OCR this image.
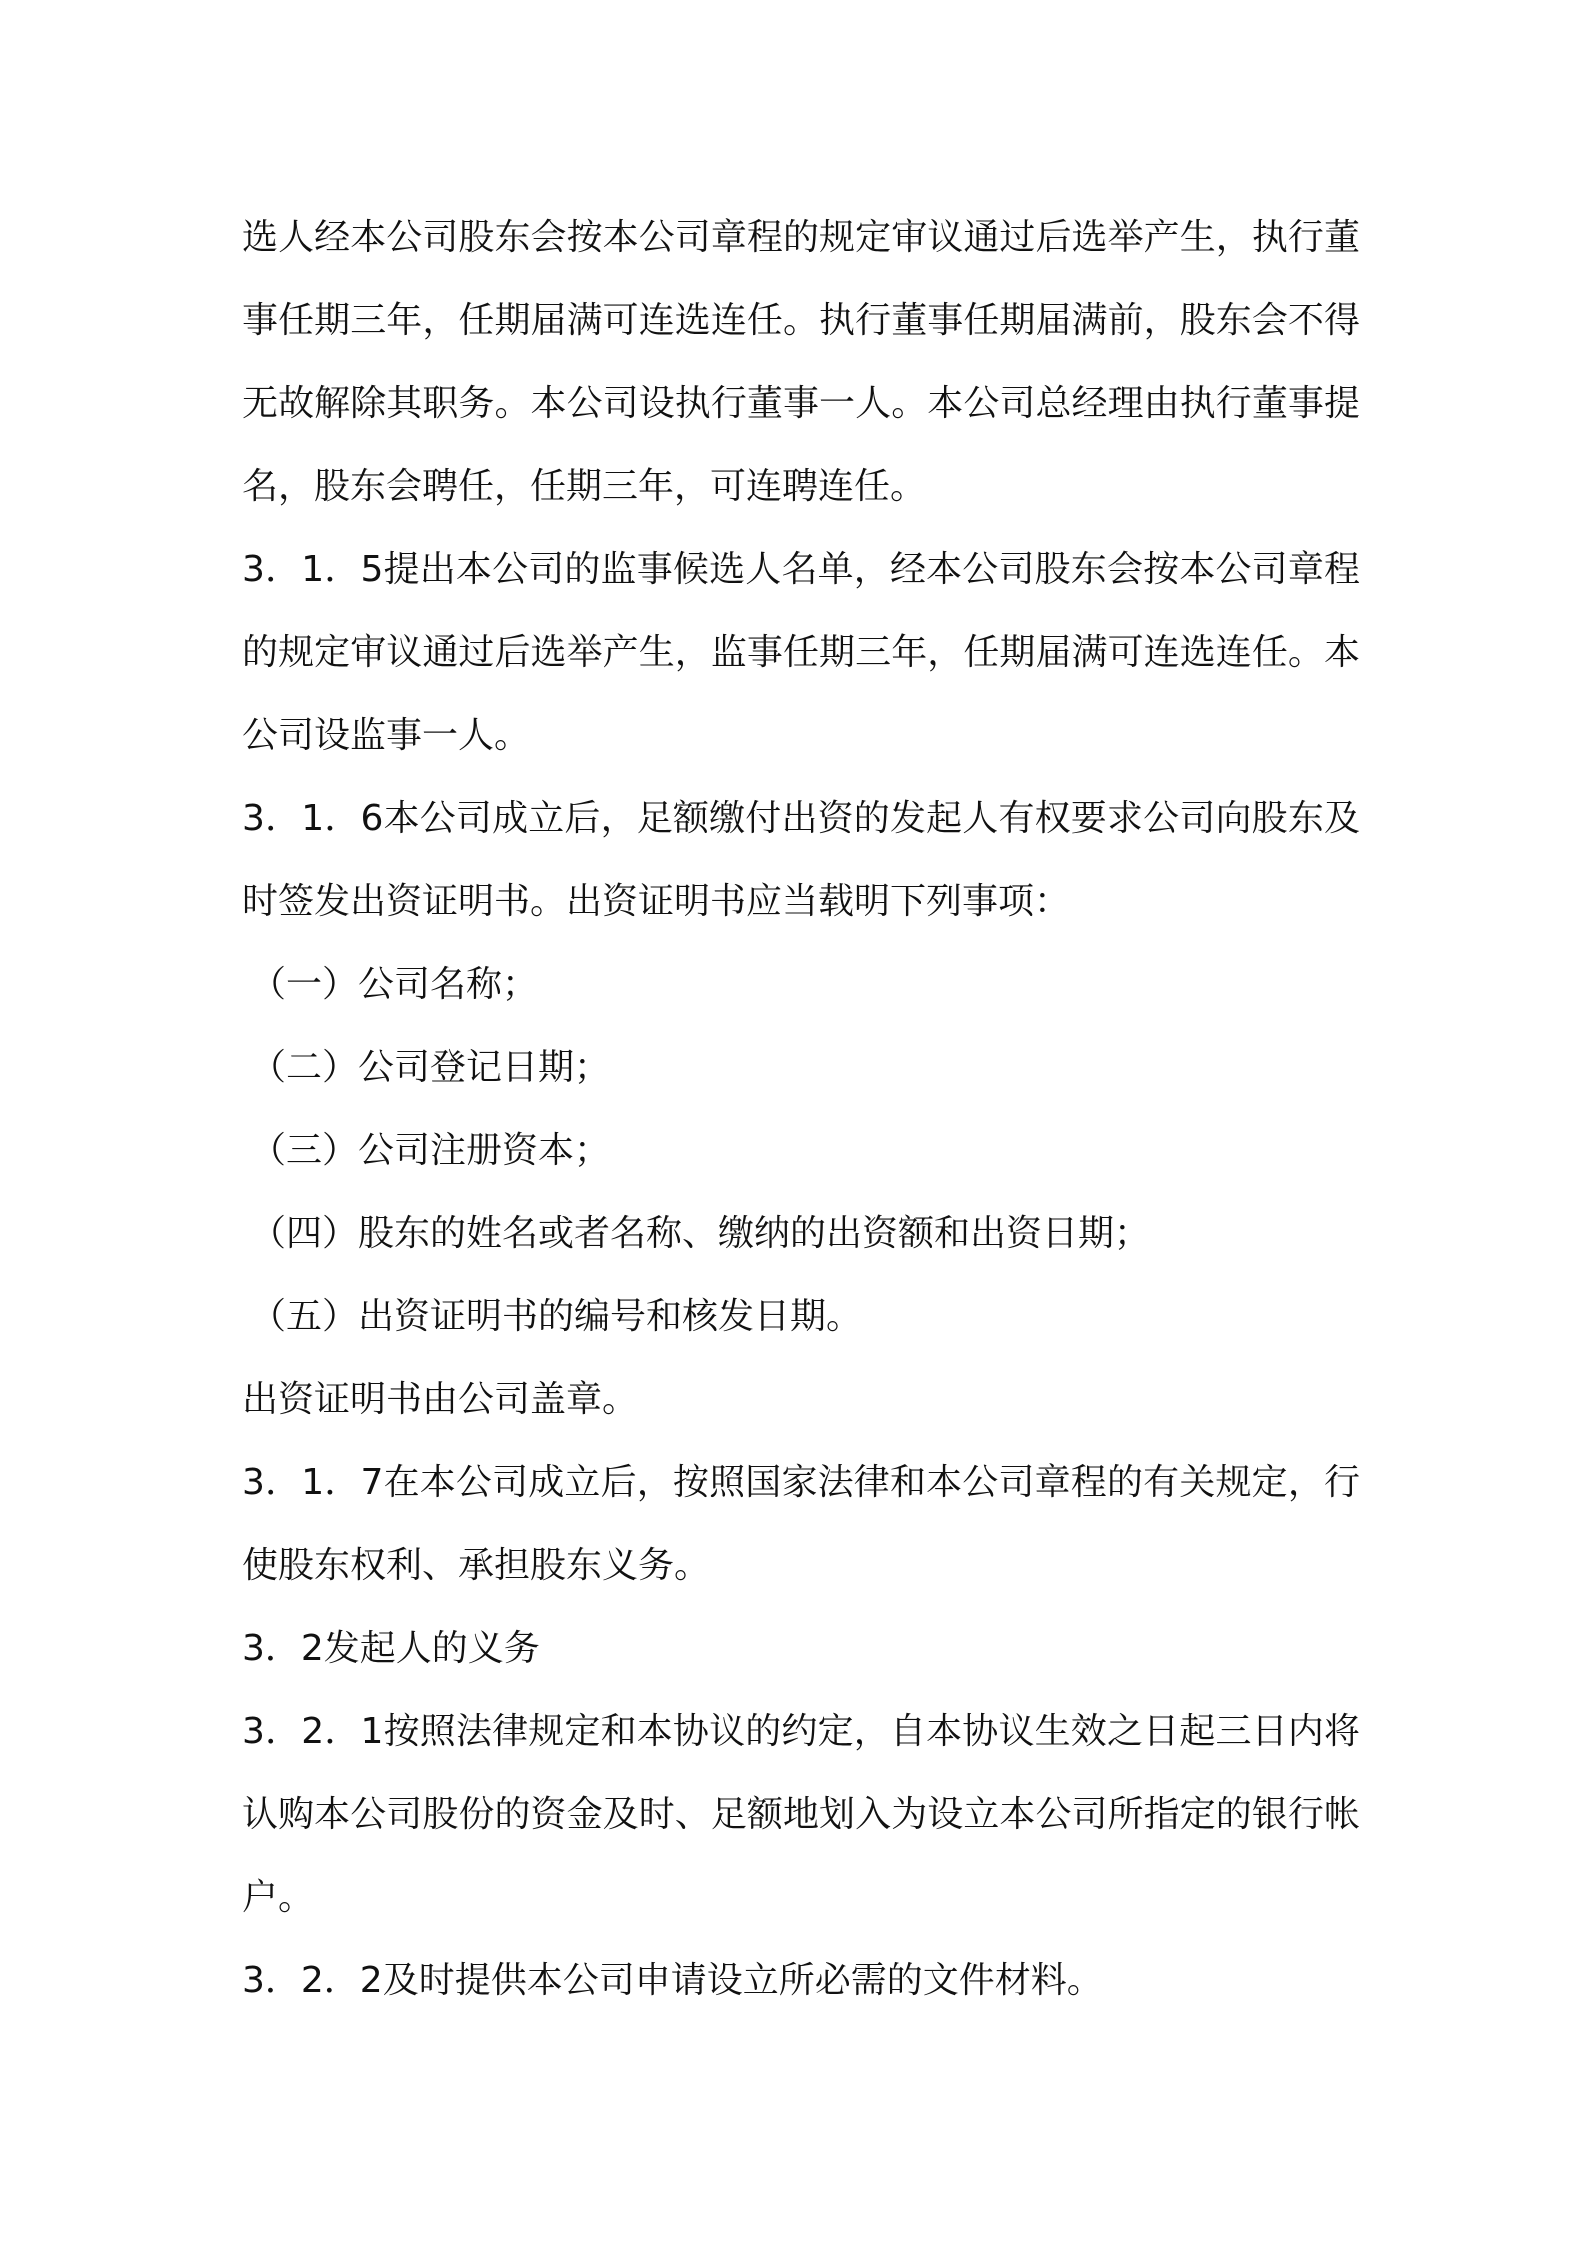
选人经本公司股东会按本公司章程的规定审议通过后选举产生，执行董事任期三年，任期届满可连选连任。执行董事任期届满前，股东会不得无故解除其职务。本公司设执行董事一人。本公司总经理由执行董事提名，股东会聘任，任期三年，可连聘连任。

3．1．5提出本公司的监事候选人名单，经本公司股东会按本公司章程的规定审议通过后选举产生，监事任期三年，任期届满可连选连任。本公司设监事一人。

3．1．6本公司成立后，足额缴付出资的发起人有权要求公司向股东及时签发出资证明书。出资证明书应当载明下列事项：

（一）公司名称；

（二）公司登记日期；

（三）公司注册资本；

（四）股东的姓名或者名称、缴纳的出资额和出资日期；

（五）出资证明书的编号和核发日期。

出资证明书由公司盖章。

3．1．7在本公司成立后，按照国家法律和本公司章程的有关规定，行使股东权利、承担股东义务。

3．2发起人的义务

3．2．1按照法律规定和本协议的约定，自本协议生效之日起三日内将认购本公司股份的资金及时、足额地划入为设立本公司所指定的银行帐户。

3．2．2及时提供本公司申请设立所必需的文件材料。
